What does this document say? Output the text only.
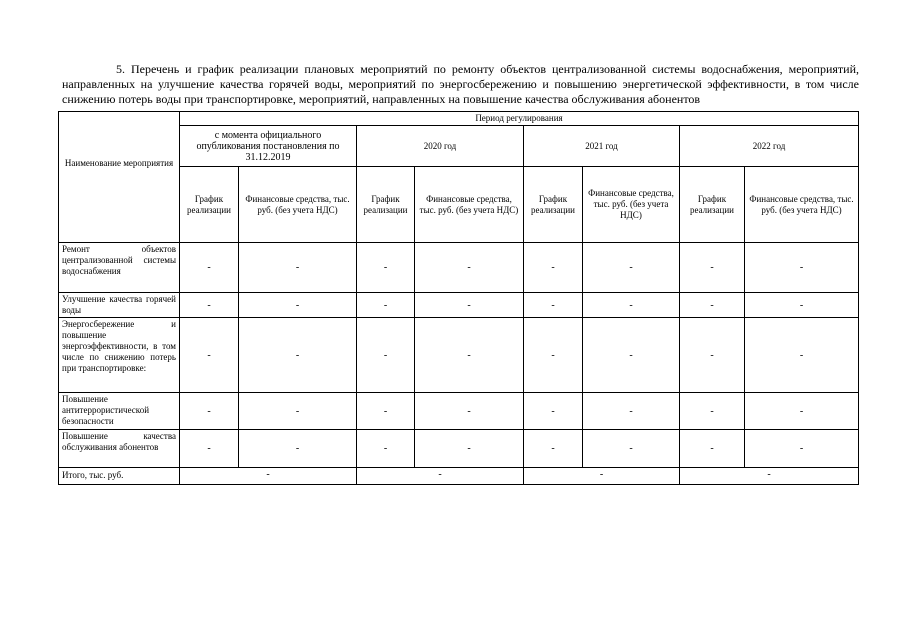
5. Перечень и график реализации плановых мероприятий по ремонту объектов централизованной системы водоснабжения, мероприятий, направленных на улучшение качества горячей воды, мероприятий по энергосбережению и повышению энергетической эффективности, в том числе снижению потерь воды при транспортировке, мероприятий, направленных на повышение качества обслуживания абонентов
Наименование мероприятия	Период регулирования							
	с момента официального опубликования постановления по 31.12.2019		2020 год		2021 год		2022 год	
	График реализации	Финансовые средства, тыс. руб. (без учета НДС)	График реализации	Финансовые средства, тыс. руб. (без учета НДС)	График реализации	Финансовые средства, тыс. руб. (без учета НДС)	График реализации	Финансовые средства, тыс. руб. (без учета НДС)
Ремонт объектов централизованной системы водоснабжения	-	-	-	-	-	-	-	-
Улучшение качества горячей воды	-	-	-	-	-	-	-	-
Энергосбережение и повышение энергоэффективности, в том числе по снижению потерь при транспортировке:	-	-	-	-	-	-	-	-
Повышение антитеррористической безопасности	-	-	-	-	-	-	-	-
Повышение качества обслуживания абонентов	-	-	-	-	-	-	-	-
Итого, тыс. руб.	-		-		-		-	
